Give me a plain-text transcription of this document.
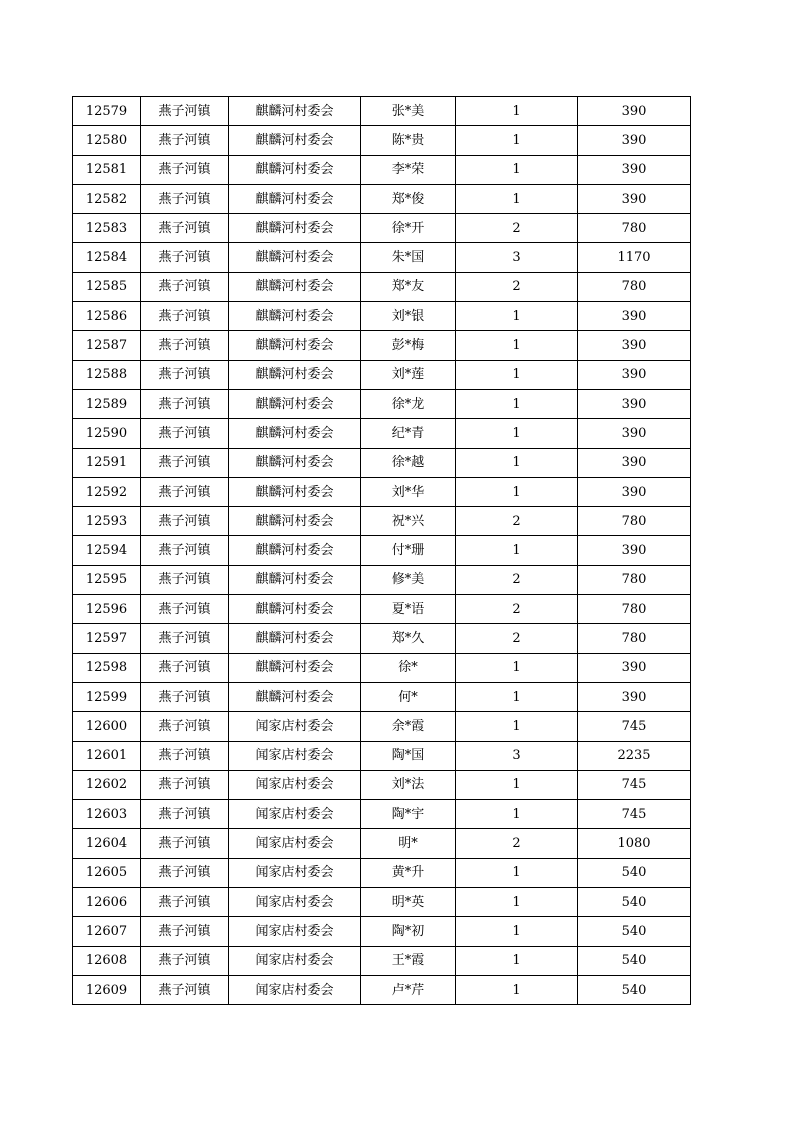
12579	燕子河镇	麒麟河村委会	张*美	1	390
12580	燕子河镇	麒麟河村委会	陈*贵	1	390
12581	燕子河镇	麒麟河村委会	李*荣	1	390
12582	燕子河镇	麒麟河村委会	郑*俊	1	390
12583	燕子河镇	麒麟河村委会	徐*开	2	780
12584	燕子河镇	麒麟河村委会	朱*国	3	1170
12585	燕子河镇	麒麟河村委会	郑*友	2	780
12586	燕子河镇	麒麟河村委会	刘*银	1	390
12587	燕子河镇	麒麟河村委会	彭*梅	1	390
12588	燕子河镇	麒麟河村委会	刘*莲	1	390
12589	燕子河镇	麒麟河村委会	徐*龙	1	390
12590	燕子河镇	麒麟河村委会	纪*青	1	390
12591	燕子河镇	麒麟河村委会	徐*越	1	390
12592	燕子河镇	麒麟河村委会	刘*华	1	390
12593	燕子河镇	麒麟河村委会	祝*兴	2	780
12594	燕子河镇	麒麟河村委会	付*珊	1	390
12595	燕子河镇	麒麟河村委会	修*美	2	780
12596	燕子河镇	麒麟河村委会	夏*语	2	780
12597	燕子河镇	麒麟河村委会	郑*久	2	780
12598	燕子河镇	麒麟河村委会	徐*	1	390
12599	燕子河镇	麒麟河村委会	何*	1	390
12600	燕子河镇	闻家店村委会	余*霞	1	745
12601	燕子河镇	闻家店村委会	陶*国	3	2235
12602	燕子河镇	闻家店村委会	刘*法	1	745
12603	燕子河镇	闻家店村委会	陶*宇	1	745
12604	燕子河镇	闻家店村委会	明*	2	1080
12605	燕子河镇	闻家店村委会	黄*升	1	540
12606	燕子河镇	闻家店村委会	明*英	1	540
12607	燕子河镇	闻家店村委会	陶*初	1	540
12608	燕子河镇	闻家店村委会	王*霞	1	540
12609	燕子河镇	闻家店村委会	卢*芹	1	540
